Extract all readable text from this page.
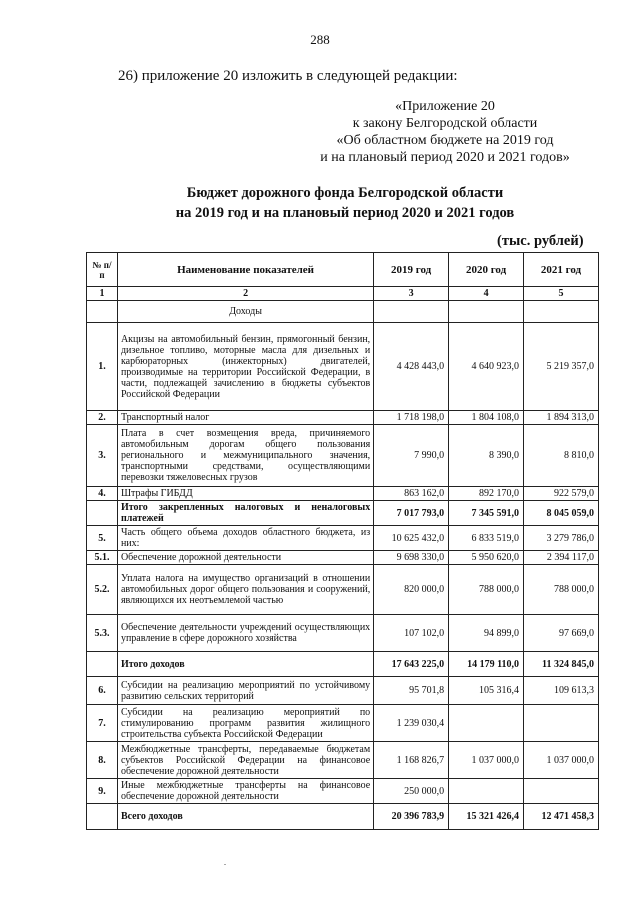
288
26) приложение 20 изложить в следующей редакции:
«Приложение 20
к закону Белгородской области
«Об областном бюджете на 2019 год
и на плановый период 2020 и 2021 годов»
Бюджет дорожного фонда Белгородской области
на 2019 год и на плановый период 2020 и 2021 годов
(тыс. рублей)
№ п/п	Наименование показателей	2019 год	2020 год	2021 год
1	2	3	4	5
	Доходы			
1.	Акцизы на автомобильный бензин, прямогонный бензин, дизельное топливо, моторные масла для дизельных и карбюраторных (инжекторных) двигателей, производимые на территории Российской Федерации, в части, подлежащей зачислению в бюджеты субъектов Российской Федерации	4 428 443,0	4 640 923,0	5 219 357,0
2.	Транспортный налог	1 718 198,0	1 804 108,0	1 894 313,0
3.	Плата в счет возмещения вреда, причиняемого автомобильным дорогам общего пользования регионального и межмуниципального значения, транспортными средствами, осуществляющими перевозки тяжеловесных грузов	7 990,0	8 390,0	8 810,0
4.	Штрафы ГИБДД	863 162,0	892 170,0	922 579,0
	Итого закрепленных налоговых и неналоговых платежей	7 017 793,0	7 345 591,0	8 045 059,0
5.	Часть общего объема доходов областного бюджета, из них:	10 625 432,0	6 833 519,0	3 279 786,0
5.1.	Обеспечение дорожной деятельности	9 698 330,0	5 950 620,0	2 394 117,0
5.2.	Уплата налога на имущество организаций в отношении автомобильных дорог общего пользования и сооружений, являющихся их неотъемлемой частью	820 000,0	788 000,0	788 000,0
5.3.	Обеспечение деятельности учреждений осуществляющих управление в сфере дорожного хозяйства	107 102,0	94 899,0	97 669,0
	Итого доходов	17 643 225,0	14 179 110,0	11 324 845,0
6.	Субсидии на реализацию мероприятий по устойчивому развитию сельских территорий	95 701,8	105 316,4	109 613,3
7.	Субсидии на реализацию мероприятий по стимулированию программ развития жилищного строительства субъекта Российской Федерации	1 239 030,4		
8.	Межбюджетные трансферты, передаваемые бюджетам субъектов Российской Федерации на финансовое обеспечение дорожной деятельности	1 168 826,7	1 037 000,0	1 037 000,0
9.	Иные межбюджетные трансферты на финансовое обеспечение дорожной деятельности	250 000,0		
	Всего доходов	20 396 783,9	15 321 426,4	12 471 458,3
.
